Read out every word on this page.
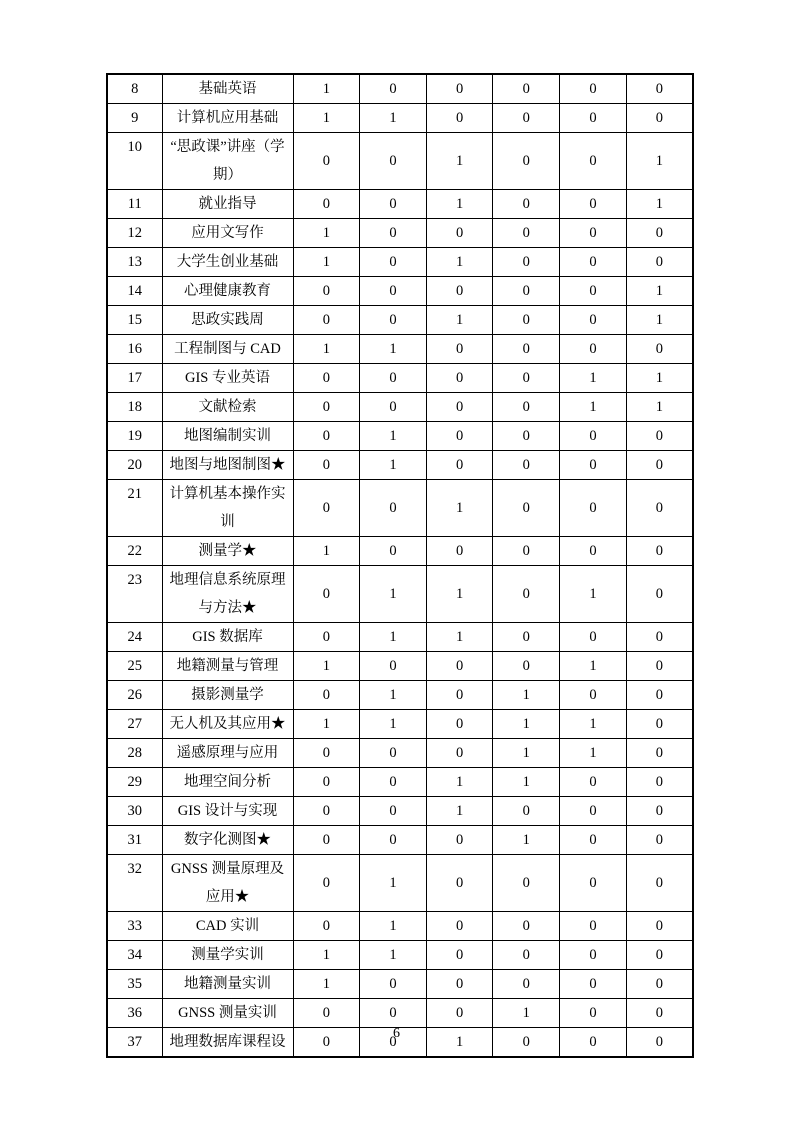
8	基础英语	1	0	0	0	0	0
9	计算机应用基础	1	1	0	0	0	0
10	“思政课”讲座（学期）	0	0	1	0	0	1
11	就业指导	0	0	1	0	0	1
12	应用文写作	1	0	0	0	0	0
13	大学生创业基础	1	0	1	0	0	0
14	心理健康教育	0	0	0	0	0	1
15	思政实践周	0	0	1	0	0	1
16	工程制图与 CAD	1	1	0	0	0	0
17	GIS 专业英语	0	0	0	0	1	1
18	文献检索	0	0	0	0	1	1
19	地图编制实训	0	1	0	0	0	0
20	地图与地图制图★	0	1	0	0	0	0
21	计算机基本操作实训	0	0	1	0	0	0
22	测量学★	1	0	0	0	0	0
23	地理信息系统原理与方法★	0	1	1	0	1	0
24	GIS 数据库	0	1	1	0	0	0
25	地籍测量与管理	1	0	0	0	1	0
26	摄影测量学	0	1	0	1	0	0
27	无人机及其应用★	1	1	0	1	1	0
28	遥感原理与应用	0	0	0	1	1	0
29	地理空间分析	0	0	1	1	0	0
30	GIS 设计与实现	0	0	1	0	0	0
31	数字化测图★	0	0	0	1	0	0
32	GNSS 测量原理及应用★	0	1	0	0	0	0
33	CAD 实训	0	1	0	0	0	0
34	测量学实训	1	1	0	0	0	0
35	地籍测量实训	1	0	0	0	0	0
36	GNSS 测量实训	0	0	0	1	0	0
37	地理数据库课程设	0	0	1	0	0	0
6
